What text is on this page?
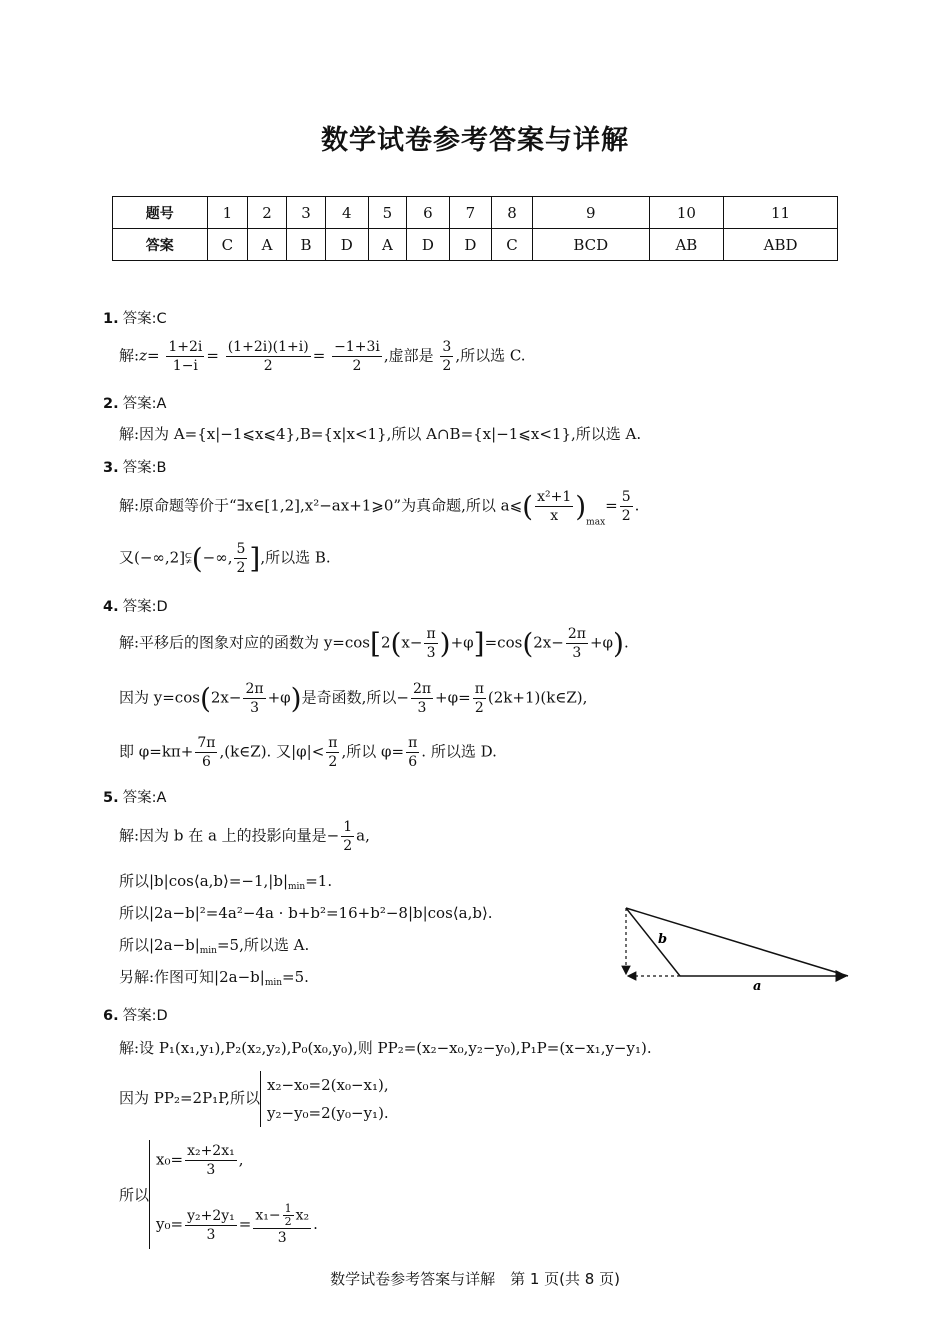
数学试卷参考答案与详解
题号	1	2	3	4	5	6	7	8	9	10	11
答案	C	A	B	D	A	D	D	C	BCD	AB	ABD
1. 答案:C
解:z= $\frac{1+2i}{1-i} = \frac{(1+2i)(1+i)}{2} = \frac{-1+3i}{2}$ ,虚部是 $\frac{3}{2}$ ,所以选 C.
2. 答案:A
解:因为 A={x|−1⩽x⩽4},B={x|x<1},所以 A∩B={x|−1⩽x<1},所以选 A.
3. 答案:B
解:原命题等价于“∃x∈[1,2],x²−ax+1⩾0”为真命题,所以 a⩽( $\frac{\text{x²+1}}{x} )_{max}= \frac{5}{2}$ .
又(−∞,2]⫋(−∞, $\frac{5}{2}$ ],所以选 B.
4. 答案:D
解:平移后的图象对应的函数为 $y=\cos[2(x- \frac{\pi}{3} )+\varphi]=\cos(2x- \frac{2\pi}{3} +\varphi)$.
因为 $y=\cos(2x- \frac{2\pi}{3} +\varphi)$是奇函数,所以− $\frac{2\pi}{3} +\varphi= \frac{\pi}{2}$ (2k+1)(k∈Z),
即 $\varphi=k\pi+ \frac{7\pi}{6}$ ,(k∈Z). 又$|\varphi|< \frac{\pi}{2}$ ,所以 $\varphi= \frac{\pi}{6}$ . 所以选 D.
5. 答案:A
解:因为 b 在 a 上的投影向量是− $\frac{1}{2} a$,
所以$|b|\cos⟨a,b⟩=-1,|b|_{min}=1$.
所以|2a−b|²=4a²−4a · b+b²=16+b²−8|b|cos⟨a,b⟩.
所以$|2a-b|_{min}=5$,所以选 A.
另解:作图可知$|2a-b|_{min}=5$.
b
a
6. 答案:D
解:设 P₁(x₁,y₁),P₂(x₂,y₂),P₀(x₀,y₀),则 PP₂=(x₂−x₀,y₂−y₀),P₁P=(x−x₁,y−y₁).
因为 PP₂=2P₁P,所以
x₂−x₀=2(x₀−x₁),
y₂−y₀=2(y₀−y₁).
所以
$x_0= \frac{\text{x₂+2x₁}}{3}$ ,
$y_0= \frac{\text{y₂+2y₁}}{3} = \frac{x_1- \frac{1}{2} x_2}{3}$ .
数学试卷参考答案与详解　第 1 页(共 8 页)
